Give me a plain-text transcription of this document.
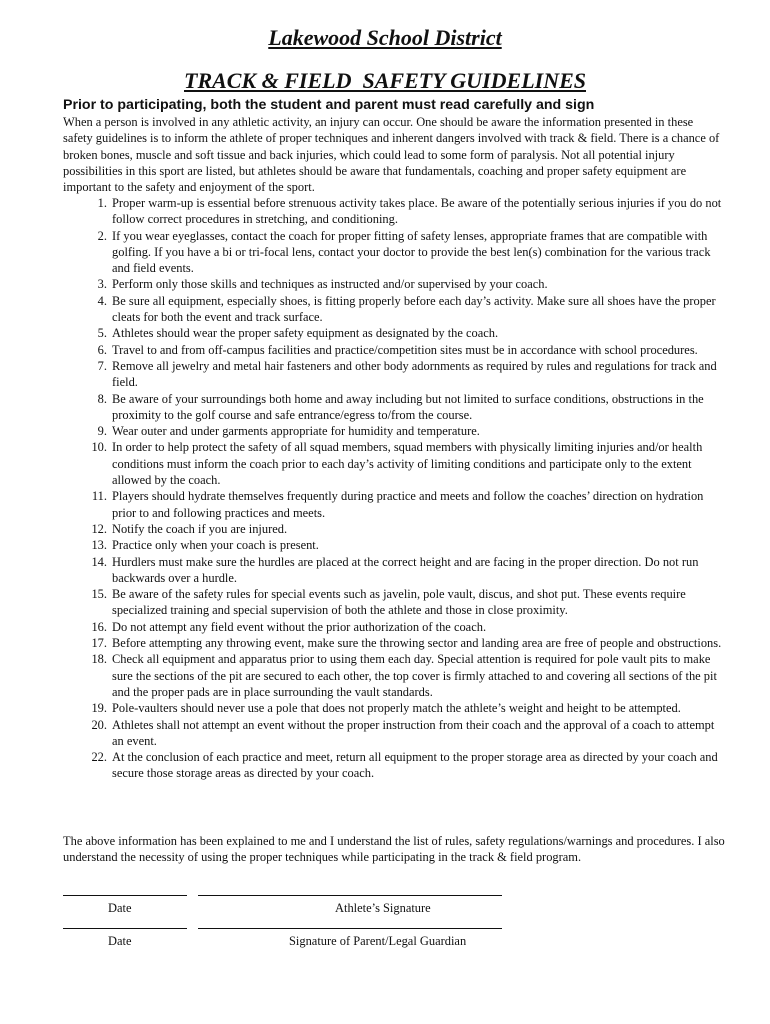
Lakewood School District
TRACK & FIELD  SAFETY GUIDELINES
Prior to participating, both the student and parent must read carefully and sign
When a person is involved in any athletic activity, an injury can occur. One should be aware the information presented in these safety guidelines is to inform the athlete of proper techniques and inherent dangers involved with track & field. There is a chance of broken bones, muscle and soft tissue and back injuries, which could lead to some form of paralysis. Not all potential injury possibilities in this sport are listed, but athletes should be aware that fundamentals, coaching and proper safety equipment are important to the safety and enjoyment of the sport.
1. Proper warm-up is essential before strenuous activity takes place. Be aware of the potentially serious injuries if you do not follow correct procedures in stretching, and conditioning.
2. If you wear eyeglasses, contact the coach for proper fitting of safety lenses, appropriate frames that are compatible with golfing. If you have a bi or tri-focal lens, contact your doctor to provide the best len(s) combination for the various track and field events.
3. Perform only those skills and techniques as instructed and/or supervised by your coach.
4. Be sure all equipment, especially shoes, is fitting properly before each day’s activity. Make sure all shoes have the proper cleats for both the event and track surface.
5. Athletes should wear the proper safety equipment as designated by the coach.
6. Travel to and from off-campus facilities and practice/competition sites must be in accordance with school procedures.
7. Remove all jewelry and metal hair fasteners and other body adornments as required by rules and regulations for track and field.
8. Be aware of your surroundings both home and away including but not limited to surface conditions, obstructions in the proximity to the golf course and safe entrance/egress to/from the course.
9. Wear outer and under garments appropriate for humidity and temperature.
10. In order to help protect the safety of all squad members, squad members with physically limiting injuries and/or health conditions must inform the coach prior to each day’s activity of limiting conditions and participate only to the extent allowed by the coach.
11. Players should hydrate themselves frequently during practice and meets and follow the coaches’ direction on hydration prior to and following practices and meets.
12. Notify the coach if you are injured.
13. Practice only when your coach is present.
14. Hurdlers must make sure the hurdles are placed at the correct height and are facing in the proper direction. Do not run backwards over a hurdle.
15. Be aware of the safety rules for special events such as javelin, pole vault, discus, and shot put. These events require specialized training and special supervision of both the athlete and those in close proximity.
16. Do not attempt any field event without the prior authorization of the coach.
17. Before attempting any throwing event, make sure the throwing sector and landing area are free of people and obstructions.
18. Check all equipment and apparatus prior to using them each day. Special attention is required for pole vault pits to make sure the sections of the pit are secured to each other, the top cover is firmly attached to and covering all sections of the pit and the proper pads are in place surrounding the vault standards.
19. Pole-vaulters should never use a pole that does not properly match the athlete’s weight and height to be attempted.
20. Athletes shall not attempt an event without the proper instruction from their coach and the approval of a coach to attempt an event.
22. At the conclusion of each practice and meet, return all equipment to the proper storage area as directed by your coach and secure those storage areas as directed by your coach.
The above information has been explained to me and I understand the list of rules, safety regulations/warnings and procedures. I also understand the necessity of using the proper techniques while participating in the track & field program.
Date	Athlete’s Signature
Date	Signature of Parent/Legal Guardian
